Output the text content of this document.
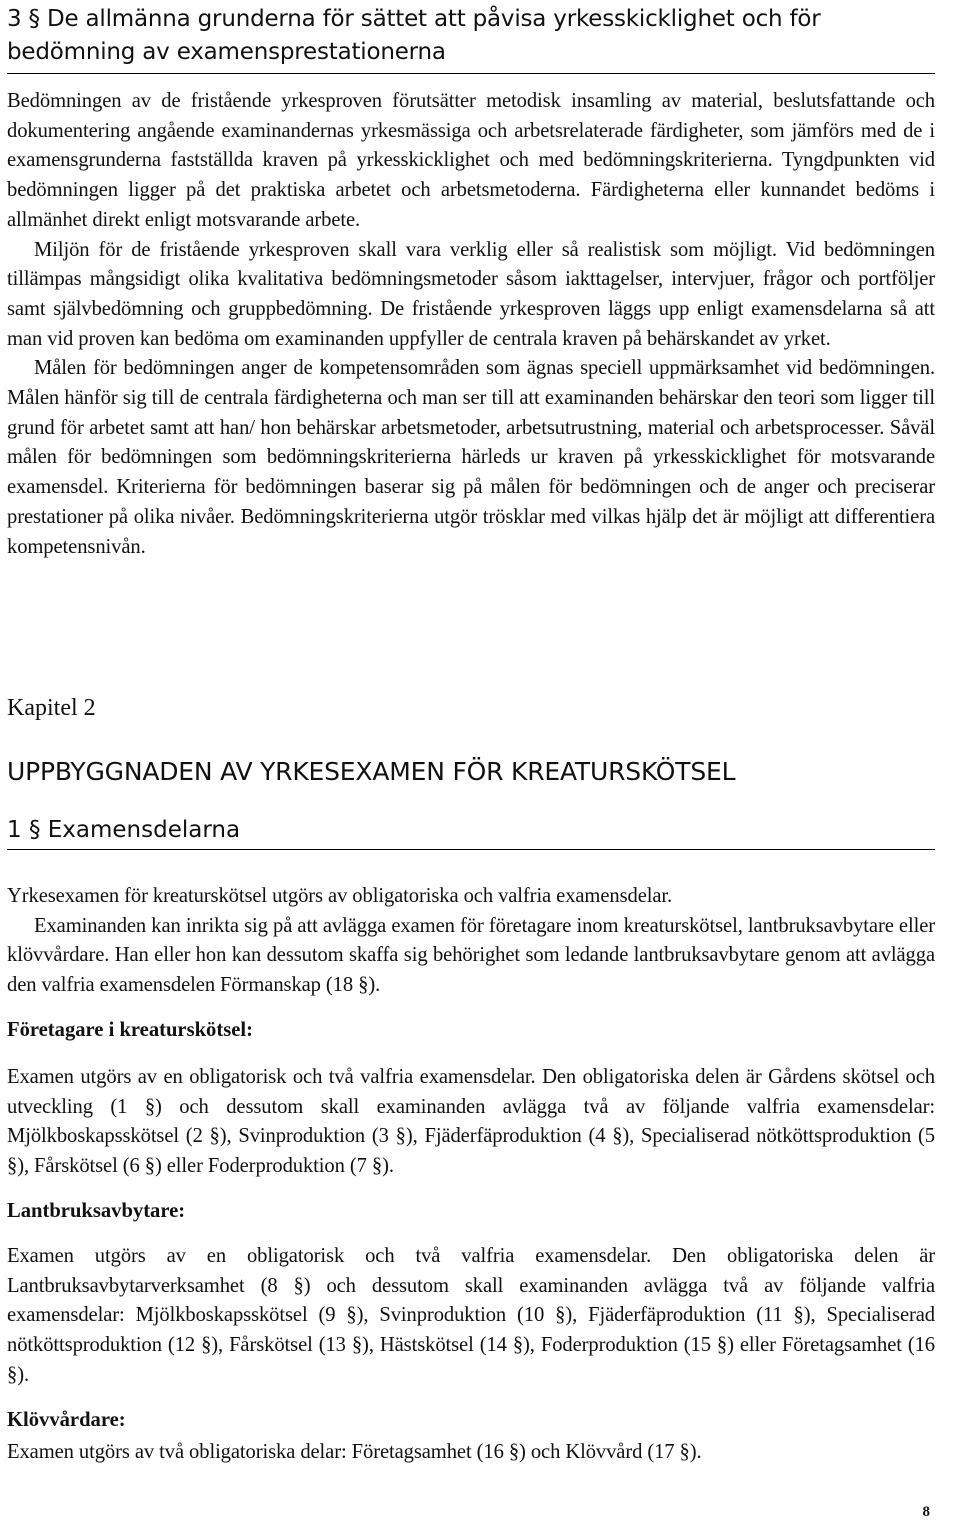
3 § De allmänna grunderna för sättet att påvisa yrkesskicklighet och för
bedömning av examensprestationerna

Bedömningen av de fristående yrkesproven förutsätter metodisk insamling av material, beslutsfattande och dokumentering angående examinandernas yrkesmässiga och arbetsrelaterade färdigheter, som jämförs med de i examensgrunderna fastställda kraven på yrkesskicklighet och med bedömningskriterierna. Tyngdpunkten vid bedömningen ligger på det praktiska arbetet och arbetsmetoderna. Färdigheterna eller kunnandet bedöms i allmänhet direkt enligt motsvarande arbete.

Miljön för de fristående yrkesproven skall vara verklig eller så realistisk som möjligt. Vid bedömningen tillämpas mångsidigt olika kvalitativa bedömningsmetoder såsom iakttagelser, intervjuer, frågor och portföljer samt självbedömning och gruppbedömning. De fristående yrkesproven läggs upp enligt examensdelarna så att man vid proven kan bedöma om examinanden uppfyller de centrala kraven på behärskandet av yrket.

Målen för bedömningen anger de kompetensområden som ägnas speciell uppmärksamhet vid bedömningen. Målen hänför sig till de centrala färdigheterna och man ser till att examinanden behärskar den teori som ligger till grund för arbetet samt att han/ hon behärskar arbetsmetoder, arbetsutrustning, material och arbetsprocesser. Såväl målen för bedömningen som bedömningskriterierna härleds ur kraven på yrkesskicklighet för motsvarande examensdel. Kriterierna för bedömningen baserar sig på målen för bedömningen och de anger och preciserar prestationer på olika nivåer. Bedömningskriterierna utgör trösklar med vilkas hjälp det är möjligt att differentiera kompetensnivån.

Kapitel 2

UPPBYGGNADEN AV YRKESEXAMEN FÖR KREATURSKÖTSEL
1 § Examensdelarna

Yrkesexamen för kreaturskötsel utgörs av obligatoriska och valfria examensdelar.

Examinanden kan inrikta sig på att avlägga examen för företagare inom kreaturskötsel, lantbruksavbytare eller klövvårdare. Han eller hon kan dessutom skaffa sig behörighet som ledande lantbruksavbytare genom att avlägga den valfria examensdelen Förmanskap (18 §).

Företagare i kreaturskötsel:

Examen utgörs av en obligatorisk och två valfria examensdelar. Den obligatoriska delen är Gårdens skötsel och utveckling (1 §) och dessutom skall examinanden avlägga två av följande valfria examensdelar: Mjölkboskapsskötsel (2 §), Svinproduktion (3 §), Fjäderfäproduktion (4 §), Specialiserad nötköttsproduktion (5 §), Fårskötsel (6 §) eller Foderproduktion (7 §).

Lantbruksavbytare:

Examen utgörs av en obligatorisk och två valfria examensdelar. Den obligatoriska delen är Lantbruksavbytarverksamhet (8 §) och dessutom skall examinanden avlägga två av följande valfria examensdelar: Mjölkboskapsskötsel (9 §), Svinproduktion (10 §), Fjäderfäproduktion (11 §), Specialiserad nötköttsproduktion (12 §), Fårskötsel (13 §), Hästskötsel (14 §), Foderproduktion (15 §) eller Företagsamhet (16 §).

Klövvårdare:

Examen utgörs av två obligatoriska delar: Företagsamhet (16 §) och Klövvård (17 §).

8
